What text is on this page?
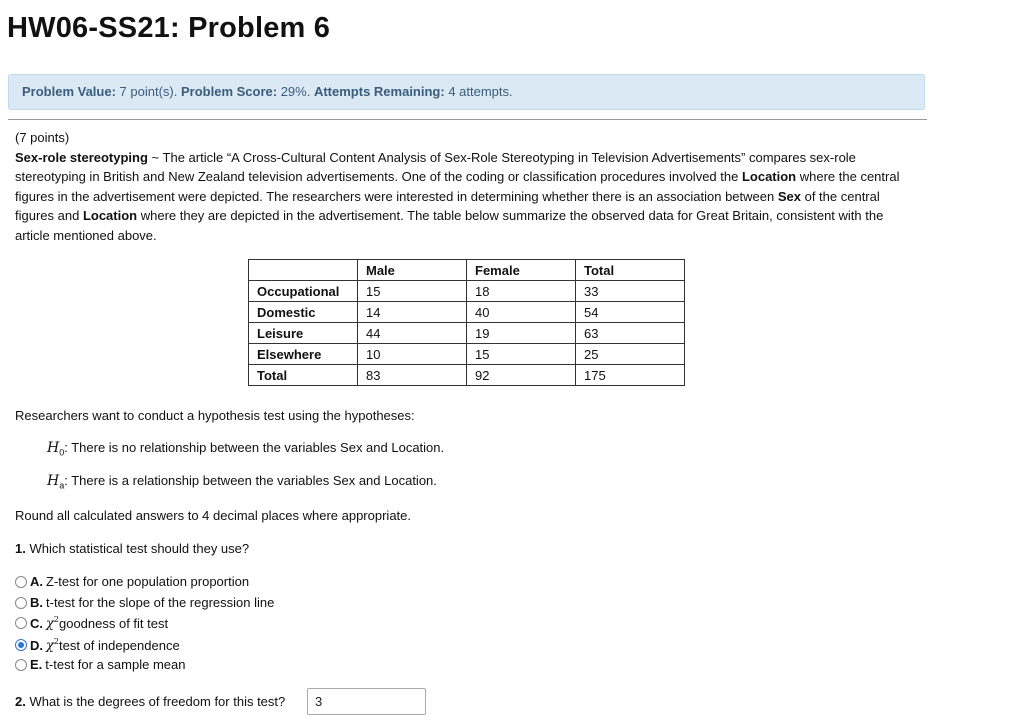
HW06-SS21: Problem 6
Problem Value: 7 point(s). Problem Score: 29%. Attempts Remaining: 4 attempts.
(7 points)
Sex-role stereotyping ~ The article “A Cross-Cultural Content Analysis of Sex-Role Stereotyping in Television Advertisements” compares sex-role stereotyping in British and New Zealand television advertisements. One of the coding or classification procedures involved the Location where the central figures in the advertisement were depicted. The researchers were interested in determining whether there is an association between Sex of the central figures and Location where they are depicted in the advertisement. The table below summarize the observed data for Great Britain, consistent with the article mentioned above.
	Male	Female	Total
Occupational	15	18	33
Domestic	14	40	54
Leisure	44	19	63
Elsewhere	10	15	25
Total	83	92	175
Researchers want to conduct a hypothesis test using the hypotheses:
$H_0$: There is no relationship between the variables Sex and Location.
$H_a$: There is a relationship between the variables Sex and Location.
Round all calculated answers to 4 decimal places where appropriate.
1. Which statistical test should they use?
A. Z-test for one population proportion
B. t-test for the slope of the regression line
C. $\chi^2$ goodness of fit test
D. $\chi^2$ test of independence
E. t-test for a sample mean
2. What is the degrees of freedom for this test?	3
